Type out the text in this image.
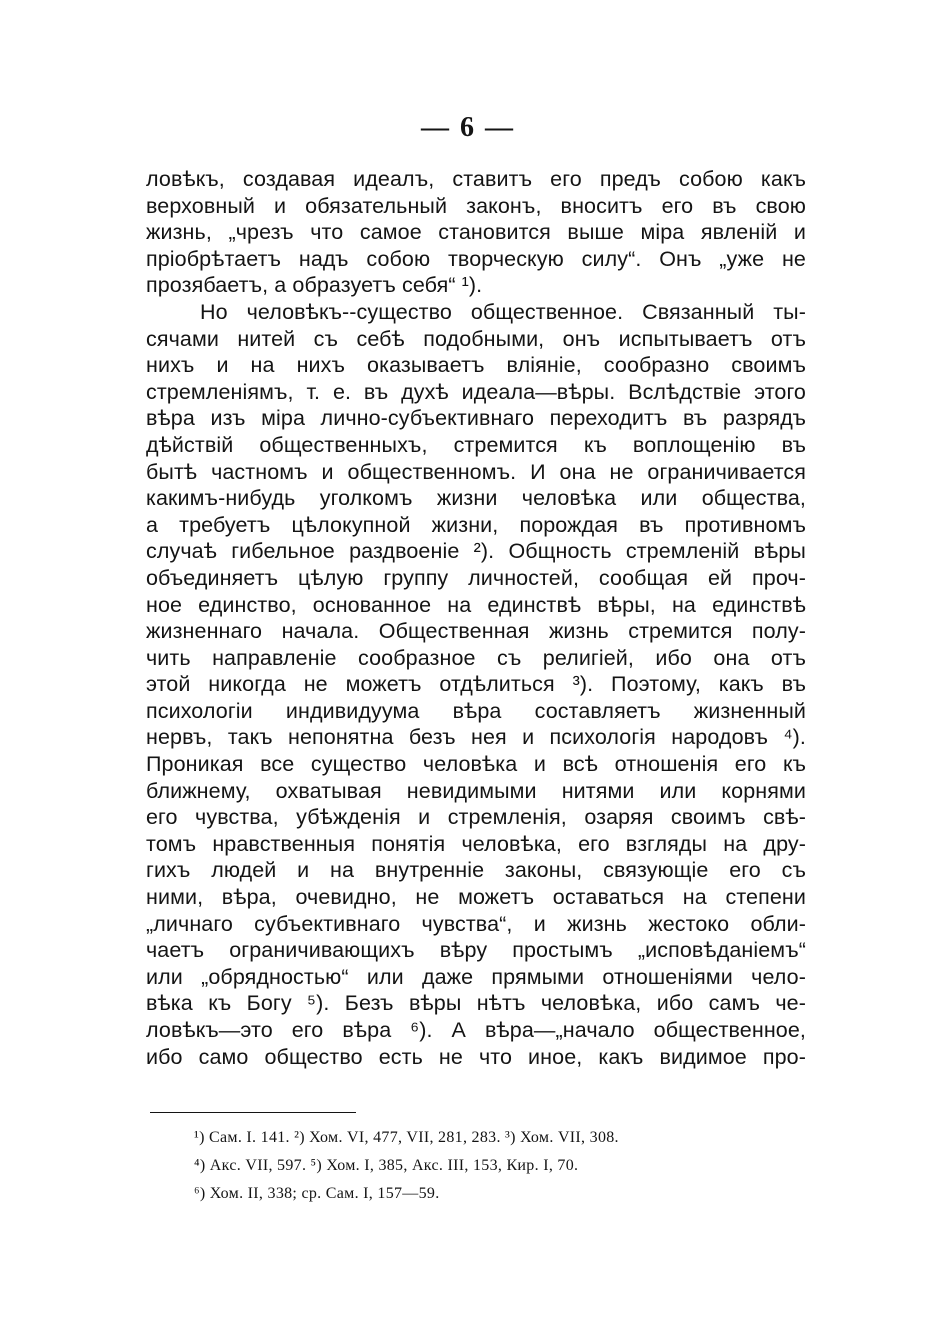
— 6 —
ловѣкъ, создавая идеалъ, ставитъ его предъ собою какъ
верховный и обязательный законъ, вноситъ его въ свою
жизнь, „чрезъ что самое становится выше міра явленій и
пріобрѣтаетъ надъ собою творческую силу“. Онъ „уже не
прозябаетъ, а образуетъ себя“ ¹).
Но человѣкъ--существо общественное. Связанный ты-
сячами нитей съ себѣ подобными, онъ испытываетъ отъ
нихъ и на нихъ оказываетъ вліяніе, сообразно своимъ
стремленіямъ, т. е. въ духѣ идеала—вѣры. Вслѣдствіе этого
вѣра изъ міра лично-субъективнаго переходитъ въ разрядъ
дѣйствій общественныхъ, стремится къ воплощенію въ
бытѣ частномъ и общественномъ. И она не ограничивается
какимъ-нибудь уголкомъ жизни человѣка или общества,
а требуетъ цѣлокупной жизни, порождая въ противномъ
случаѣ гибельное раздвоеніе ²). Общность стремленій вѣры
объединяетъ цѣлую группу личностей, сообщая ей проч-
ное единство, основанное на единствѣ вѣры, на единствѣ
жизненнаго начала. Общественная жизнь стремится полу-
чить направленіе сообразное съ религіей, ибо она отъ
этой никогда не можетъ отдѣлиться ³). Поэтому, какъ въ
психологіи индивидуума вѣра составляетъ жизненный
нервъ, такъ непонятна безъ нея и психологія народовъ ⁴).
Проникая все существо человѣка и всѣ отношенія его къ
ближнему, охватывая невидимыми нитями или корнями
его чувства, убѣжденія и стремленія, озаряя своимъ свѣ-
томъ нравственныя понятія человѣка, его взгляды на дру-
гихъ людей и на внутренніе законы, связующіе его съ
ними, вѣра, очевидно, не можетъ оставаться на степени
„личнаго субъективнаго чувства“, и жизнь жестоко обли-
чаетъ ограничивающихъ вѣру простымъ „исповѣданіемъ“
или „обрядностью“ или даже прямыми отношеніями чело-
вѣка къ Богу ⁵). Безъ вѣры нѣтъ человѣка, ибо самъ че-
ловѣкъ—это его вѣра ⁶). А вѣра—„начало общественное,
ибо само общество есть не что иное, какъ видимое про-
¹) Сам. I. 141. ²) Хом. VI, 477, VII, 281, 283. ³) Хом. VII, 308.
⁴) Акс. VII, 597. ⁵) Хом. I, 385, Акс. III, 153, Кир. I, 70.
⁶) Хом. II, 338; ср. Сам. I, 157—59.
